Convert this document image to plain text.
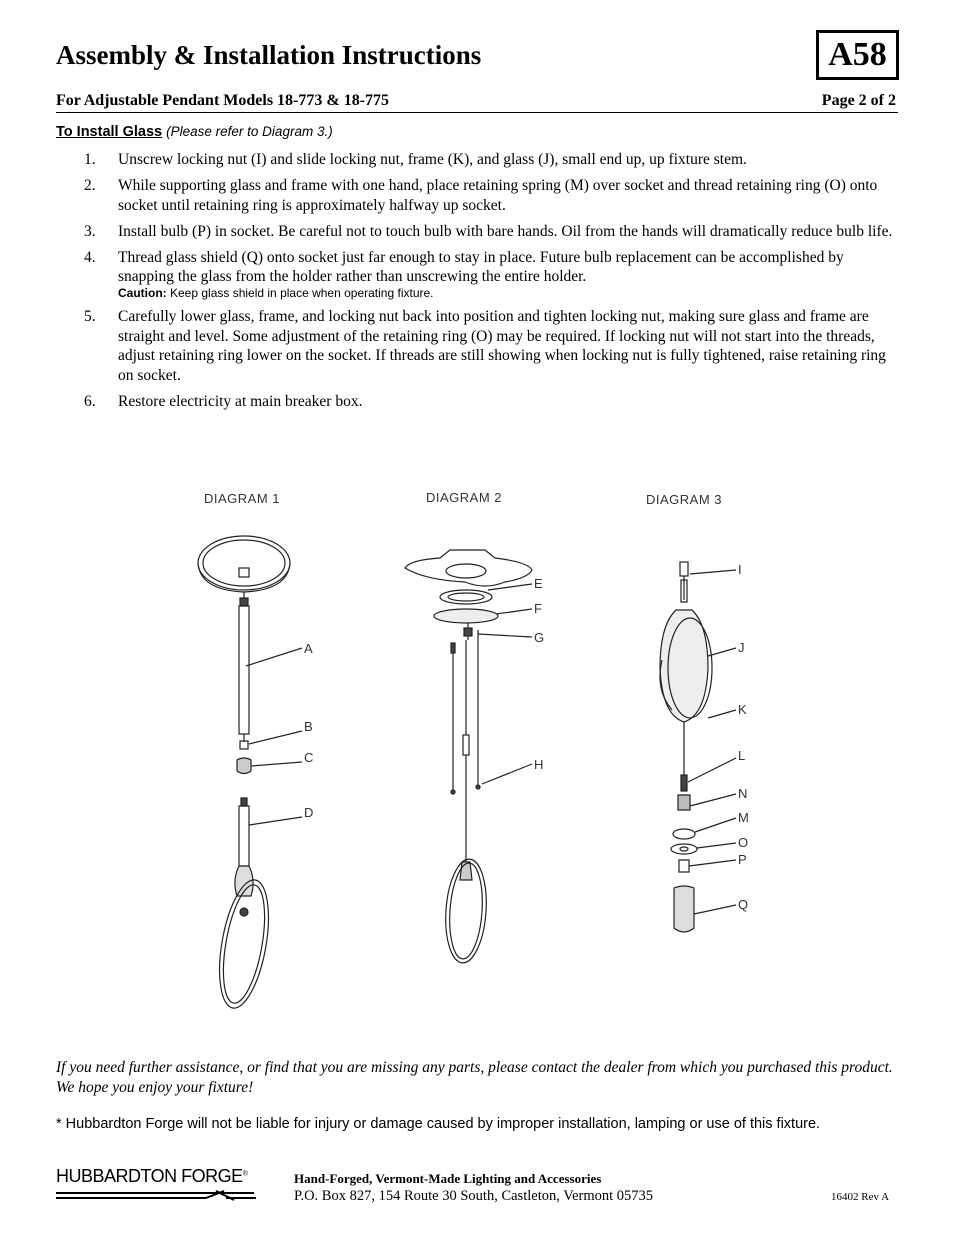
Assembly & Installation Instructions	A58
For Adjustable Pendant Models 18-773 & 18-775	Page 2 of 2
To Install Glass (Please refer to Diagram 3.)
1. Unscrew locking nut (I) and slide locking nut, frame (K), and glass (J), small end up, up fixture stem.
2. While supporting glass and frame with one hand, place retaining spring (M) over socket and thread retaining ring (O) onto socket until retaining ring is approximately halfway up socket.
3. Install bulb (P) in socket. Be careful not to touch bulb with bare hands. Oil from the hands will dramatically reduce bulb life.
4. Thread glass shield (Q) onto socket just far enough to stay in place. Future bulb replacement can be accomplished by snapping the glass from the holder rather than unscrewing the entire holder.
Caution: Keep glass shield in place when operating fixture.
5. Carefully lower glass, frame, and locking nut back into position and tighten locking nut, making sure glass and frame are straight and level. Some adjustment of the retaining ring (O) may be required. If locking nut will not start into the threads, adjust retaining ring lower on the socket. If threads are still showing when locking nut is fully tightened, raise retaining ring on socket.
6. Restore electricity at main breaker box.
DIAGRAM 1	DIAGRAM 2	DIAGRAM 3
A
B
C
D
E
F
G
H
I
J
K
L
N
M
O
P
Q
If you need further assistance, or find that you are missing any parts, please contact the dealer from which you purchased this product. We hope you enjoy your fixture!
* Hubbardton Forge will not be liable for injury or damage caused by improper installation, lamping or use of this fixture.
HUBBARDTON FORGE®	Hand-Forged, Vermont-Made Lighting and Accessories
P.O. Box 827, 154 Route 30 South, Castleton, Vermont 05735	16402 Rev A
